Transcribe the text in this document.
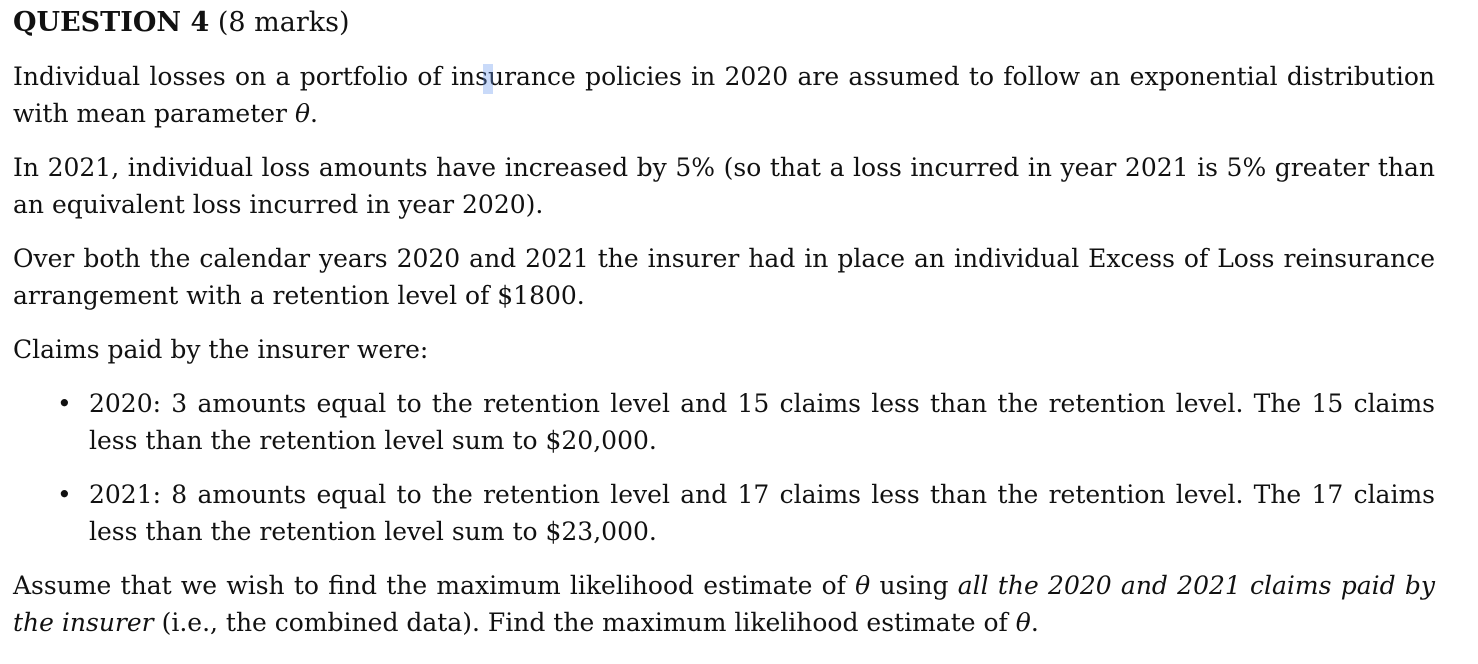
QUESTION 4 (8 marks)

Individual losses on a portfolio of insurance policies in 2020 are assumed to follow an exponential distribution with mean parameter θ.

In 2021, individual loss amounts have increased by 5% (so that a loss incurred in year 2021 is 5% greater than an equivalent loss incurred in year 2020).

Over both the calendar years 2020 and 2021 the insurer had in place an individual Excess of Loss reinsurance arrangement with a retention level of $1800.

Claims paid by the insurer were:

• 2020: 3 amounts equal to the retention level and 15 claims less than the retention level. The 15 claims less than the retention level sum to $20,000.
• 2021: 8 amounts equal to the retention level and 17 claims less than the retention level. The 17 claims less than the retention level sum to $23,000.

Assume that we wish to find the maximum likelihood estimate of θ using all the 2020 and 2021 claims paid by the insurer (i.e., the combined data). Find the maximum likelihood estimate of θ.
